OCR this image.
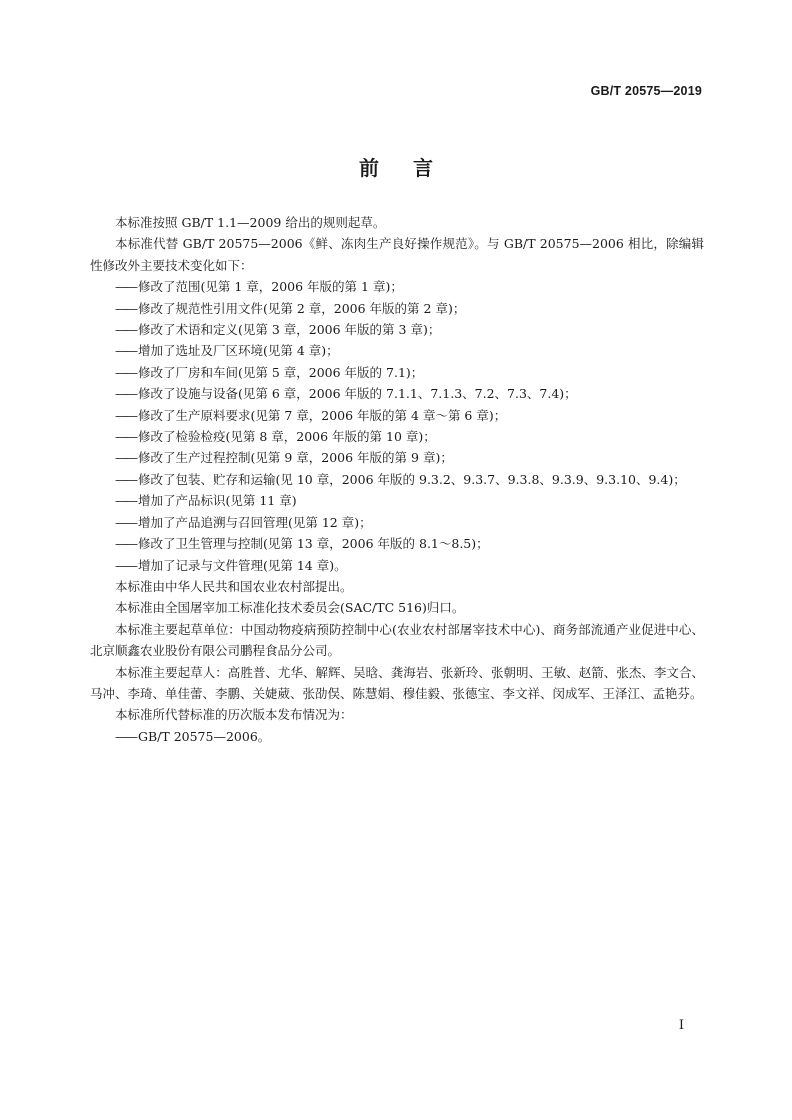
GB/T 20575—2019
前言

本标准按照 GB/T 1.1—2009 给出的规则起草。

本标准代替 GB/T 20575—2006《鲜、冻肉生产良好操作规范》。与 GB/T 20575—2006 相比，除编辑性修改外主要技术变化如下：

—— 修改了范围(见第 1 章，2006 年版的第 1 章)；

—— 修改了规范性引用文件(见第 2 章，2006 年版的第 2 章)；

—— 修改了术语和定义(见第 3 章，2006 年版的第 3 章)；

—— 增加了选址及厂区环境(见第 4 章)；

—— 修改了厂房和车间(见第 5 章，2006 年版的 7.1)；

—— 修改了设施与设备(见第 6 章，2006 年版的 7.1.1、7.1.3、7.2、7.3、7.4)；

—— 修改了生产原料要求(见第 7 章，2006 年版的第 4 章～第 6 章)；

—— 修改了检验检疫(见第 8 章，2006 年版的第 10 章)；

—— 修改了生产过程控制(见第 9 章，2006 年版的第 9 章)；

—— 修改了包装、贮存和运输(见 10 章，2006 年版的 9.3.2、9.3.7、9.3.8、9.3.9、9.3.10、9.4)；

—— 增加了产品标识(见第 11 章)

—— 增加了产品追溯与召回管理(见第 12 章)；

—— 修改了卫生管理与控制(见第 13 章，2006 年版的 8.1～8.5)；

—— 增加了记录与文件管理(见第 14 章)。

本标准由中华人民共和国农业农村部提出。

本标准由全国屠宰加工标准化技术委员会(SAC/TC 516)归口。

本标准主要起草单位：中国动物疫病预防控制中心(农业农村部屠宰技术中心)、商务部流通产业促进中心、北京顺鑫农业股份有限公司鹏程食品分公司。

本标准主要起草人：高胜普、尤华、解辉、吴晗、龚海岩、张新玲、张朝明、王敏、赵箭、张杰、李文合、马冲、李琦、单佳蕾、李鹏、关婕葳、张劭俣、陈慧娟、穆佳毅、张德宝、李文祥、闵成军、王泽江、孟艳芬。

本标准所代替标准的历次版本发布情况为：

—— GB/T 20575—2006。

I
